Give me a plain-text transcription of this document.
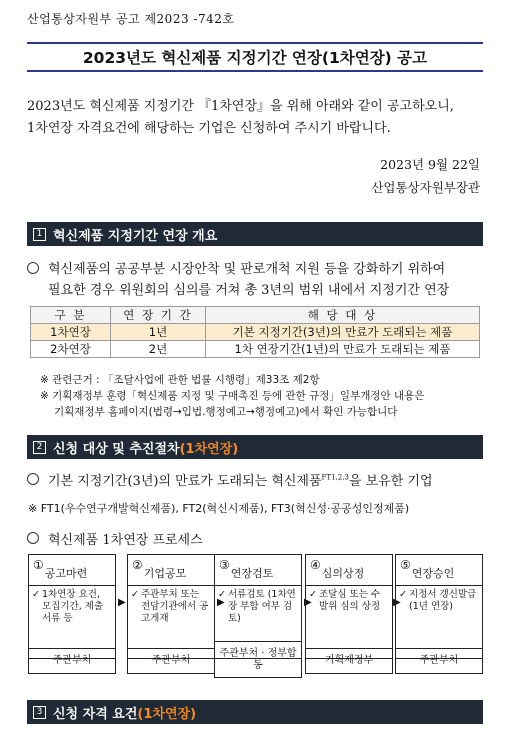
산업통상자원부 공고 제2023 -742호
2023년도 혁신제품 지정기간 연장(1차연장) 공고
2023년도 혁신제품 지정기간 『1차연장』을 위해 아래와 같이 공고하오니,
1차연장 자격요건에 해당하는 기업은 신청하여 주시기 바랍니다.
2023년 9월 22일
산업통상자원부장관
1 혁신제품 지정기간 연장 개요
혁신제품의 공공부분 시장안착 및 판로개척 지원 등을 강화하기 위하여
필요한 경우 위원회의 심의를 거쳐 총 3년의 범위 내에서 지정기간 연장
구 분	연 장 기 간	해 당 대 상
1차연장	1년	기본 지정기간(3년)의 만료가 도래되는 제품
2차연장	2년	1차 연장기간(1년)의 만료가 도래되는 제품
※ 관련근거 : 「조달사업에 관한 법률 시행령」제33조 제2항
※ 기획재정부 훈령「혁신제품 지정 및 구매촉진 등에 관한 규정」일부개정안 내용은
기획재정부 홈페이지(법령→입법.행정예고→행정예고)에서 확인 가능합니다
2 신청 대상 및 추진절차 (1차연장)
기본 지정기간(3년)의 만료가 도래되는 혁신제품$^{FT1,2,3}$을 보유한 기업
※ FT1(우수연구개발혁신제품), FT2(혁신시제품), FT3(혁신성·공공성인정제품)
혁신제품 1차연장 프로세스
①
공고마련
✓ 1차연장 요건, 모집기간, 제출 서류 등
주관부처
▶
②
기업공모
✓ 주관부처 또는 전담기관에서 공고게재
주관부처
▶
③
연장검토
✓ 서류검토 (1차연장 부합 여부 검토)
주관부처 · 정부합동
▶
④
심의상정
✓ 조달심 또는 수발위 심의 상정
기획재정부
▶
⑤
연장승인
✓ 지정서 갱신발급 (1년 연장)
주관부처
3 신청 자격 요건 (1차연장)
